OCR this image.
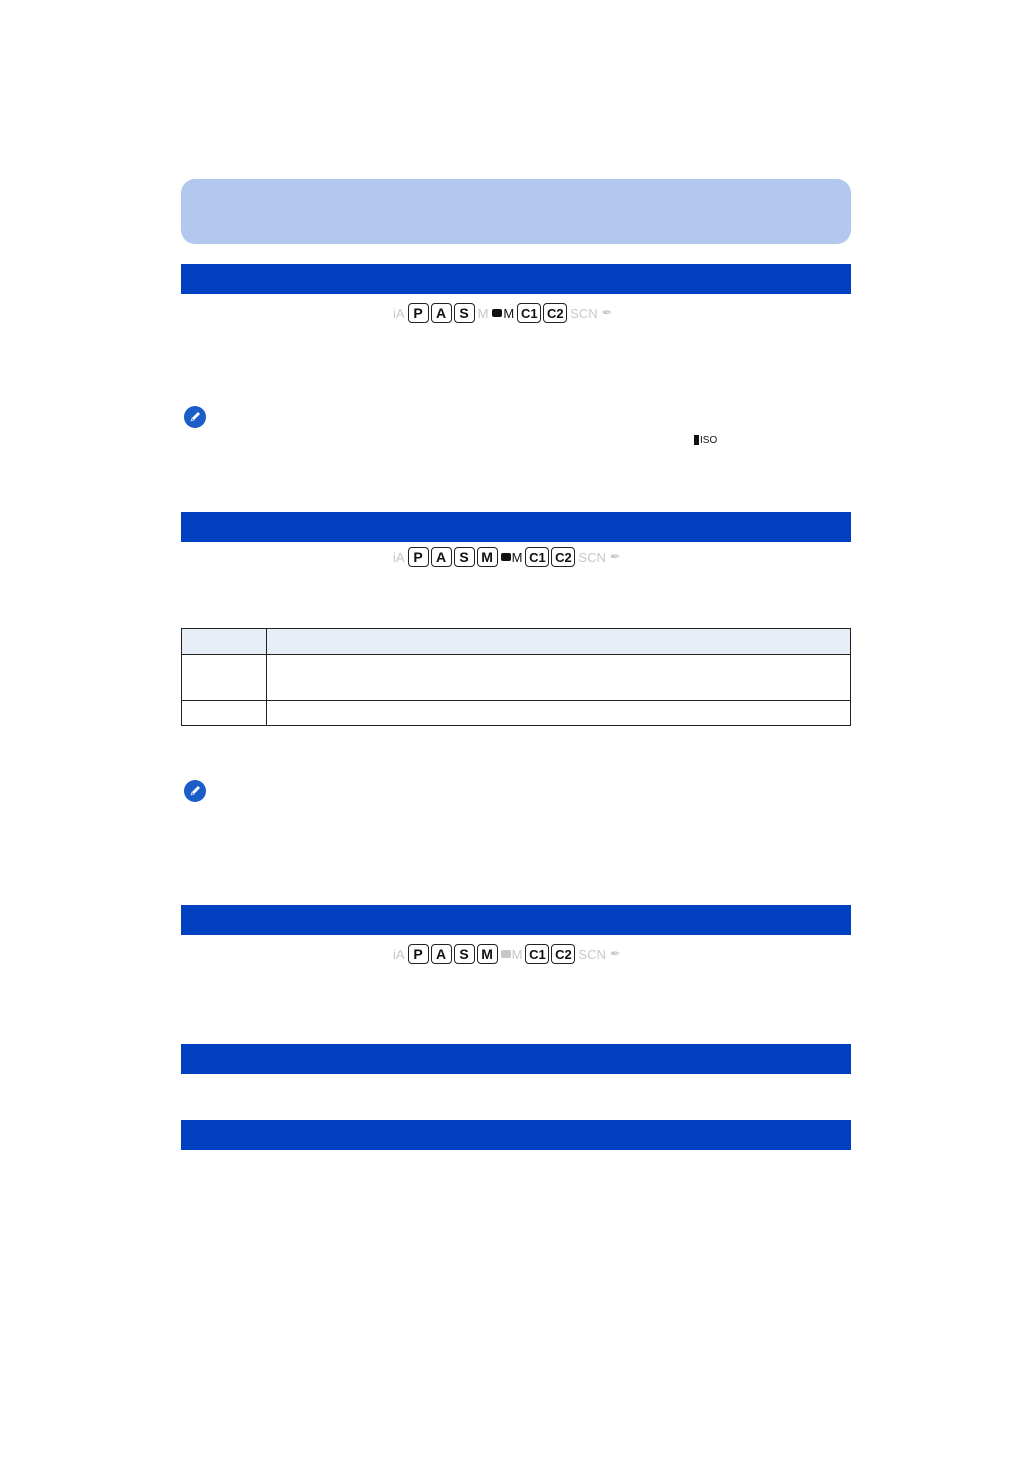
iA P A S M	M C1 C2 SCN ✒
ISO
iA P A S M	M C1 C2 SCN ✒

iA P A S M	M C1 C2 SCN ✒
